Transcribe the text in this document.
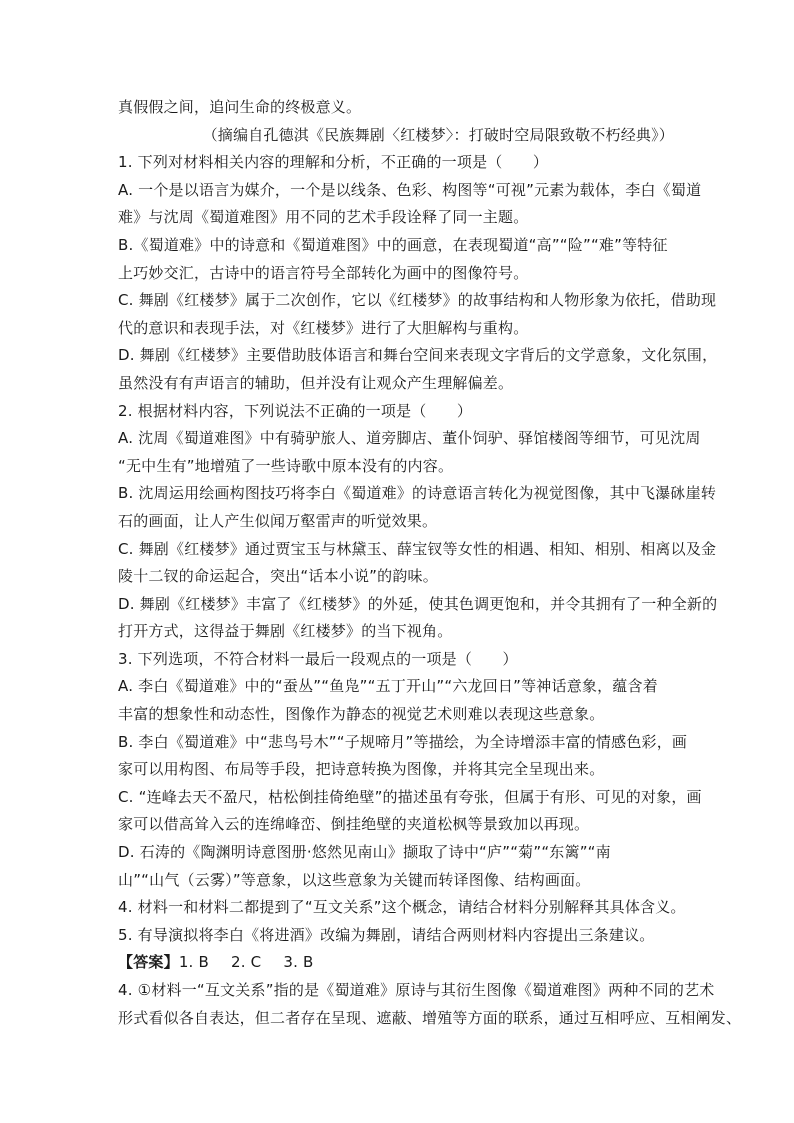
真假假之间，追问生命的终极意义。
（摘编自孔德淇《民族舞剧〈红楼梦〉：打破时空局限致敬不朽经典》）
1. 下列对材料相关内容的理解和分析，不正确的一项是（　　）
A. 一个是以语言为媒介，一个是以线条、色彩、构图等“可视”元素为载体，李白《蜀道
难》与沈周《蜀道难图》用不同的艺术手段诠释了同一主题。
B.《蜀道难》中的诗意和《蜀道难图》中的画意，在表现蜀道“高”“险”“难”等特征
上巧妙交汇，古诗中的语言符号全部转化为画中的图像符号。
C. 舞剧《红楼梦》属于二次创作，它以《红楼梦》的故事结构和人物形象为依托，借助现
代的意识和表现手法，对《红楼梦》进行了大胆解构与重构。
D. 舞剧《红楼梦》主要借助肢体语言和舞台空间来表现文字背后的文学意象，文化氛围，
虽然没有有声语言的辅助，但并没有让观众产生理解偏差。
2. 根据材料内容，下列说法不正确的一项是（　　）
A. 沈周《蜀道难图》中有骑驴旅人、道旁脚店、董仆饲驴、驿馆楼阁等细节，可见沈周
“无中生有”地增殖了一些诗歌中原本没有的内容。
B. 沈周运用绘画构图技巧将李白《蜀道难》的诗意语言转化为视觉图像，其中飞瀑砯崖转
石的画面，让人产生似闻万壑雷声的听觉效果。
C. 舞剧《红楼梦》通过贾宝玉与林黛玉、薛宝钗等女性的相遇、相知、相别、相离以及金
陵十二钗的命运起合，突出“话本小说”的韵味。
D. 舞剧《红楼梦》丰富了《红楼梦》的外延，使其色调更饱和，并令其拥有了一种全新的
打开方式，这得益于舞剧《红楼梦》的当下视角。
3. 下列选项，不符合材料一最后一段观点的一项是（　　）
A. 李白《蜀道难》中的“蚕丛”“鱼凫”“五丁开山”“六龙回日”等神话意象，蕴含着
丰富的想象性和动态性，图像作为静态的视觉艺术则难以表现这些意象。
B. 李白《蜀道难》中“悲鸟号木”“子规啼月”等描绘，为全诗增添丰富的情感色彩，画
家可以用构图、布局等手段，把诗意转换为图像，并将其完全呈现出来。
C. “连峰去天不盈尺，枯松倒挂倚绝壁”的描述虽有夸张，但属于有形、可见的对象，画
家可以借高耸入云的连绵峰峦、倒挂绝壁的夹道松枫等景致加以再现。
D. 石涛的《陶渊明诗意图册·悠然见南山》撷取了诗中“庐”“菊”“东篱”“南
山”“山气（云雾）”等意象，以这些意象为关键而转译图像、结构画面。
4. 材料一和材料二都提到了“互文关系”这个概念，请结合材料分别解释其具体含义。
5. 有导演拟将李白《将进酒》改编为舞剧，请结合两则材料内容提出三条建议。
【答案】1. B 2. C 3. B
4. ①材料一“互文关系”指的是《蜀道难》原诗与其衍生图像《蜀道难图》两种不同的艺术
形式看似各自表达，但二者存在呈现、遮蔽、增殖等方面的联系，通过互相呼应、互相阐发、
